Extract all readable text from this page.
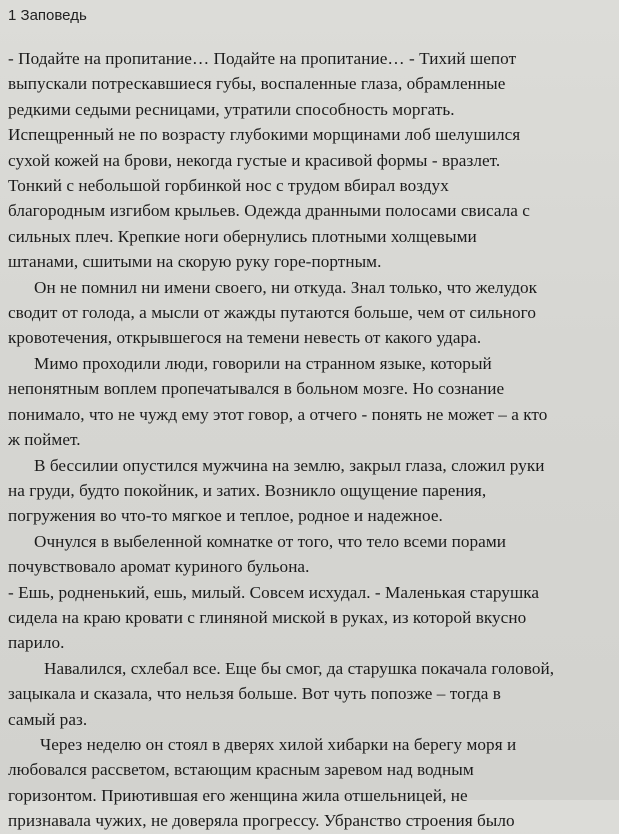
1 Заповедь
- Подайте на пропитание… Подайте на пропитание… - Тихий шепот
выпускали потрескавшиеся губы, воспаленные глаза, обрамленные
редкими седыми ресницами, утратили способность моргать.
Испещренный не по возрасту глубокими морщинами лоб шелушился
сухой кожей на брови, некогда густые и красивой формы - вразлет.
Тонкий с небольшой горбинкой нос с трудом вбирал воздух
благородным изгибом крыльев. Одежда дранными полосами свисала с
сильных плеч. Крепкие ноги обернулись плотными холщевыми
штанами, сшитыми на скорую руку горе-портным.
Он не помнил ни имени своего, ни откуда. Знал только, что желудок
сводит от голода, а мысли от жажды путаются больше, чем от сильного
кровотечения, открывшегося на темени невесть от какого удара.
Мимо проходили люди, говорили на странном языке, который
непонятным воплем пропечатывался в больном мозге. Но сознание
понимало, что не чужд ему этот говор, а отчего - понять не может – а кто
ж поймет.
В бессилии опустился мужчина на землю, закрыл глаза, сложил руки
на груди, будто покойник, и затих. Возникло ощущение парения,
погружения во что-то мягкое и теплое, родное и надежное.
Очнулся в выбеленной комнатке от того, что тело всеми порами
почувствовало аромат куриного бульона.
- Ешь, родненький, ешь, милый. Совсем исхудал. - Маленькая старушка
сидела на краю кровати с глиняной миской в руках, из которой вкусно
парило.
Навалился, схлебал все. Еще бы смог, да старушка покачала головой,
зацыкала и сказала, что нельзя больше. Вот чуть попозже – тогда в
самый раз.
Через неделю он стоял в дверях хилой хибарки на берегу моря и
любовался рассветом, встающим красным заревом над водным
горизонтом. Приютившая его женщина жила отшельницей, не
признавала чужих, не доверяла прогрессу. Убранство строения было
